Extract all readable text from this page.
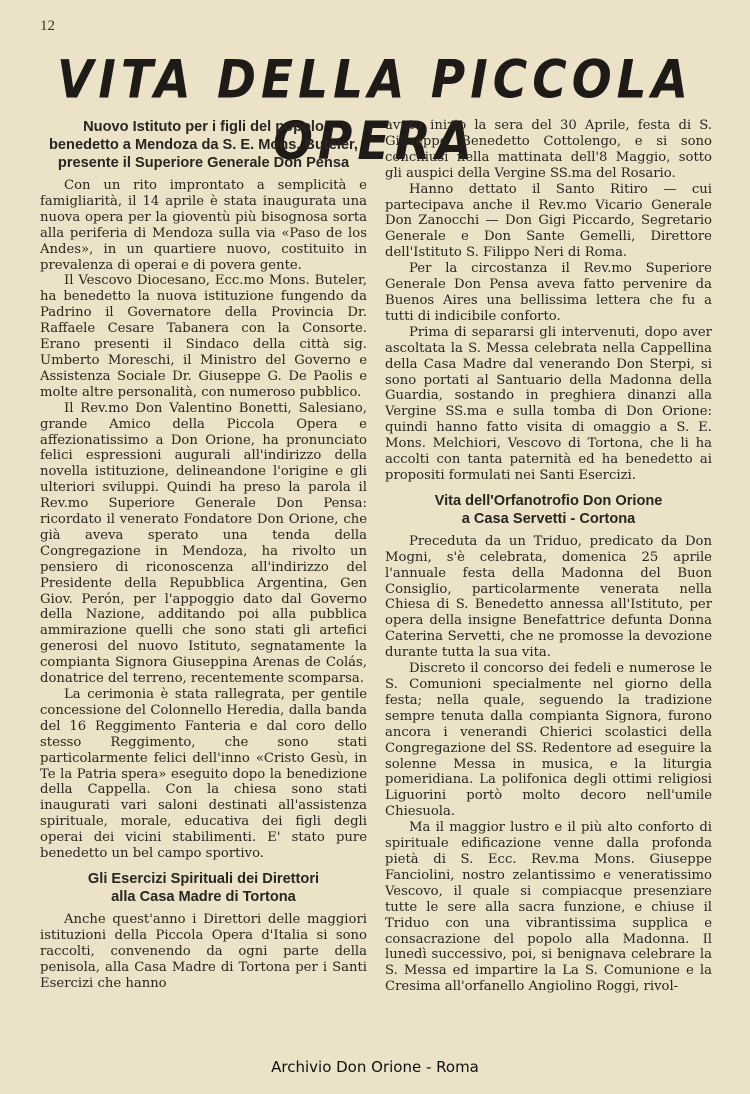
12
VITA DELLA PICCOLA OPERA
Nuovo Istituto per i figli del popolo
benedetto a Mendoza da S. E. Mons. Buteler,
presente il Superiore Generale Don Pensa

Con un rito improntato a semplicità e famigliarità, il 14 aprile è stata inaugurata una nuova opera per la gioventù più bisognosa sorta alla periferia di Mendoza sulla via «Paso de los Andes», in un quartiere nuovo, costituito in prevalenza di operai e di povera gente.

Il Vescovo Diocesano, Ecc.mo Mons. Buteler, ha benedetto la nuova istituzione fungendo da Padrino il Governatore della Provincia Dr. Raffaele Cesare Tabanera con la Consorte. Erano presenti il Sindaco della città sig. Umberto Moreschi, il Ministro del Governo e Assistenza Sociale Dr. Giuseppe G. De Paolis e molte altre personalità, con numeroso pubblico.

Il Rev.mo Don Valentino Bonetti, Salesiano, grande Amico della Piccola Opera e affezionatissimo a Don Orione, ha pronunciato felici espressioni augurali all'indirizzo della novella istituzione, delineandone l'origine e gli ulteriori sviluppi. Quindi ha preso la parola il Rev.mo Superiore Generale Don Pensa: ricordato il venerato Fondatore Don Orione, che già aveva sperato una tenda della Congregazione in Mendoza, ha rivolto un pensiero di riconoscenza all'indirizzo del Presidente della Repubblica Argentina, Gen Giov. Perón, per l'appoggio dato dal Governo della Nazione, additando poi alla pubblica ammirazione quelli che sono stati gli artefici generosi del nuovo Istituto, segnatamente la compianta Signora Giuseppina Arenas de Colás, donatrice del terreno, recentemente scomparsa.

La cerimonia è stata rallegrata, per gentile concessione del Colonnello Heredia, dalla banda del 16 Reggimento Fanteria e dal coro dello stesso Reggimento, che sono stati particolarmente felici dell'inno «Cristo Gesù, in Te la Patria spera» eseguito dopo la benedizione della Cappella. Con la chiesa sono stati inaugurati vari saloni destinati all'assistenza spirituale, morale, educativa dei figli degli operai dei vicini stabilimenti. E' stato pure benedetto un bel campo sportivo.

Gli Esercizi Spirituali dei Direttori
alla Casa Madre di Tortona

Anche quest'anno i Direttori delle maggiori istituzioni della Piccola Opera d'Italia si sono raccolti, convenendo da ogni parte della penisola, alla Casa Madre di Tortona per i Santi Esercizi che hanno

avuto inizio la sera del 30 Aprile, festa di S. Giuseppe Benedetto Cottolengo, e si sono conchiusi nella mattinata dell'8 Maggio, sotto gli auspici della Vergine SS.ma del Rosario.

Hanno dettato il Santo Ritiro — cui partecipava anche il Rev.mo Vicario Generale Don Zanocchi — Don Gigi Piccardo, Segretario Generale e Don Sante Gemelli, Direttore dell'Istituto S. Filippo Neri di Roma.

Per la circostanza il Rev.mo Superiore Generale Don Pensa aveva fatto pervenire da Buenos Aires una bellissima lettera che fu a tutti di indicibile conforto.

Prima di separarsi gli intervenuti, dopo aver ascoltata la S. Messa celebrata nella Cappellina della Casa Madre dal venerando Don Sterpi, si sono portati al Santuario della Madonna della Guardia, sostando in preghiera dinanzi alla Vergine SS.ma e sulla tomba di Don Orione: quindi hanno fatto visita di omaggio a S. E. Mons. Melchiori, Vescovo di Tortona, che li ha accolti con tanta paternità ed ha benedetto ai propositi formulati nei Santi Esercizi.

Vita dell'Orfanotrofio Don Orione
a Casa Servetti - Cortona

Preceduta da un Triduo, predicato da Don Mogni, s'è celebrata, domenica 25 aprile l'annuale festa della Madonna del Buon Consiglio, particolarmente venerata nella Chiesa di S. Benedetto annessa all'Istituto, per opera della insigne Benefattrice defunta Donna Caterina Servetti, che ne promosse la devozione durante tutta la sua vita.

Discreto il concorso dei fedeli e numerose le S. Comunioni specialmente nel giorno della festa; nella quale, seguendo la tradizione sempre tenuta dalla compianta Signora, furono ancora i venerandi Chierici scolastici della Congregazione del SS. Redentore ad eseguire la solenne Messa in musica, e la liturgia pomeridiana. La polifonica degli ottimi religiosi Liguorini portò molto decoro nell'umile Chiesuola.

Ma il maggior lustro e il più alto conforto di spirituale edificazione venne dalla profonda pietà di S. Ecc. Rev.ma Mons. Giuseppe Fanciolini, nostro zelantissimo e veneratissimo Vescovo, il quale si compiacque presenziare tutte le sere alla sacra funzione, e chiuse il Triduo con una vibrantissima supplica e consacrazione del popolo alla Madonna. Il lunedì successivo, poi, si benignava celebrare la S. Messa ed impartire la La S. Comunione e la Cresima all'orfanello Angiolino Roggi, rivol-

Archivio Don Orione - Roma
